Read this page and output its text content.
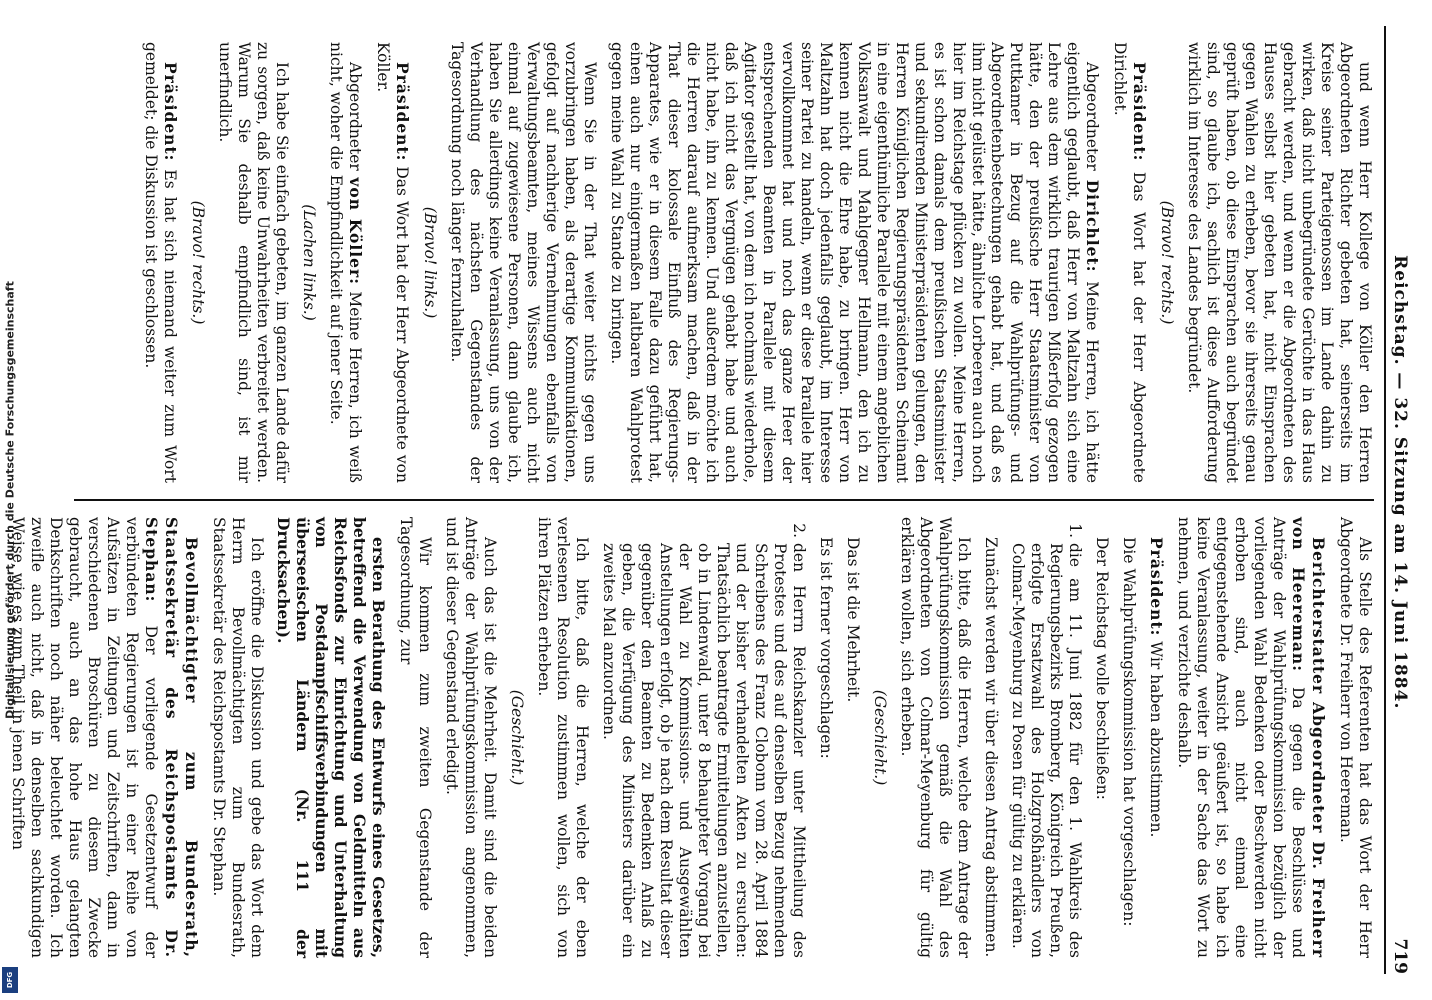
Digitalisierung gefördert durch die Deutsche Forschungsgemeinschaft
DFG
Reichstag. — 32. Sitzung am 14. Juni 1884.
719

und wenn Herr Kollege von Köller den Herren Abgeordneten Richter gebeten hat, seinerseits im Kreise seiner Parteigenossen im Lande dahin zu wirken, daß nicht unbegründete Gerüchte in das Haus gebracht werden, und wenn er die Abgeordneten des Hauses selbst hier gebeten hat, nicht Einsprachen gegen Wahlen zu erheben, bevor sie ihrerseits genau geprüft haben, ob diese Einsprachen auch begründet sind, so glaube ich, sachlich ist diese Aufforderung wirklich im Interesse des Landes begründet.

(Bravo! rechts.)

Präsident: Das Wort hat der Herr Abgeordnete Dirichlet.

Abgeordneter Dirichlet: Meine Herren, ich hätte eigentlich geglaubt, daß Herr von Maltzahn sich eine Lehre aus dem wirklich traurigen Mißerfolg gezogen hätte, den der preußische Herr Staatsminister von Puttkamer in Bezug auf die Wahlprüfungs- und Abgeordnetenbestechungen gehabt hat, und daß es ihm nicht gelüstet hätte, ähnliche Lorbeeren auch noch hier im Reichstage pflücken zu wollen. Meine Herren, es ist schon damals dem preußischen Staatsminister und sekundirenden Ministerpräsidenten gelungen, den Herren Königlichen Regierungspräsidenten Scheinamt in eine eigenthümliche Parallele mit einem angeblichen Volksanwalt und Mahlgegner Hellmann, den ich zu kennen nicht die Ehre habe, zu bringen. Herr von Maltzahn hat doch jedenfalls geglaubt, im Interesse seiner Partei zu handeln, wenn er diese Parallele hier vervollkommnet hat und noch das ganze Heer der entsprechenden Beamten in Parallele mit diesem Agitator gestellt hat, von dem ich nochmals wiederhole, daß ich nicht das Vergnügen gehabt habe und auch nicht habe, ihn zu kennen. Und außerdem möchte ich die Herren darauf aufmerksam machen, daß in der That dieser kolossale Einfluß des Regierungs-Apparates, wie er in diesem Falle dazu geführt hat, einen auch nur einigermaßen haltbaren Wahlprotest gegen meine Wahl zu Stande zu bringen.

Wenn Sie in der That weiter nichts gegen uns vorzubringen haben, als derartige Kommunikationen, gefolgt auf nachherige Vernehmungen ebenfalls von Verwaltungsbeamten, meines Wissens auch nicht einmal auf zugewiesene Personen, dann glaube ich, haben Sie allerdings keine Veranlassung, uns von der Verhandlung des nächsten Gegenstandes der Tagesordnung noch länger fernzuhalten.

(Bravo! links.)

Präsident: Das Wort hat der Herr Abgeordnete von Köller.

Abgeordneter von Köller: Meine Herren, ich weiß nicht, woher die Empfindlichkeit auf jener Seite.

(Lachen links.)

Ich habe Sie einfach gebeten, im ganzen Lande dafür zu sorgen, daß keine Unwahrheiten verbreitet werden. Warum Sie deshalb empfindlich sind, ist mir unerfindlich.

(Bravo! rechts.)

Präsident: Es hat sich niemand weiter zum Wort gemeldet; die Diskussion ist geschlossen.

Als Stelle des Referenten hat das Wort der Herr Abgeordnete Dr. Freiherr von Heereman.

Berichterstatter Abgeordneter Dr. Freiherr von Heereman: Da gegen die Beschlüsse und Anträge der Wahlprüfungskommission bezüglich der vorliegenden Wahl Bedenken oder Beschwerden nicht erhoben sind, auch nicht einmal eine entgegenstehende Ansicht geäußert ist, so habe ich keine Veranlassung, weiter in der Sache das Wort zu nehmen, und verzichte deshalb.

Präsident: Wir haben abzustimmen.

Die Wahlprüfungskommission hat vorgeschlagen:

Der Reichstag wolle beschließen:

1. die am 11. Juni 1882 für den 1. Wahlkreis des Regierungsbezirks Bromberg, Königreich Preußen, erfolgte Ersatzwahl des Holzgroßhändlers von Colmar-Meyenburg zu Posen für gültig zu erklären.

Zunächst werden wir über diesen Antrag abstimmen.

Ich bitte, daß die Herren, welche dem Antrage der Wahlprüfungskommission gemäß die Wahl des Abgeordneten von Colmar-Meyenburg für gültig erklären wollen, sich erheben.

(Geschieht.)

Das ist die Mehrheit.

Es ist ferner vorgeschlagen:

2. den Herrn Reichskanzler unter Mittheilung des Protestes und des auf denselben Bezug nehmenden Schreibens des Franz Clobonn vom 28. April 1884 und der bisher verhandelten Akten zu ersuchen: Thatsächlich beantragte Ermittelungen anzustellen, ob in Lindenwald, unter 8 behaupteter Vorgang bei der Wahl zu Kommissions- und Ausgewählten Anstellungen erfolgt, ob je nach dem Resultat dieser gegenüber den Beamten zu Bedenken Anlaß zu geben, die Verfügung des Ministers darüber ein zweites Mal anzuordnen.

Ich bitte, daß die Herren, welche der eben verlesenen Resolution zustimmen wollen, sich von ihren Plätzen erheben.

(Geschieht.)

Auch das ist die Mehrheit. Damit sind die beiden Anträge der Wahlprüfungskommission angenommen, und ist dieser Gegenstand erledigt.

Wir kommen zum zweiten Gegenstande der Tagesordnung, zur

ersten Berathung des Entwurfs eines Gesetzes, betreffend die Verwendung von Geldmitteln aus Reichsfonds zur Einrichtung und Unterhaltung von Postdampfschiffsverbindungen mit überseeischen Ländern (Nr. 111 der Drucksachen).

Ich eröffne die Diskussion und gebe das Wort dem Herrn Bevollmächtigten zum Bundesrath, Staatssekretär des Reichspostamts Dr. Stephan.

Bevollmächtigter zum Bundesrath, Staatssekretär des Reichspostamts Dr. Stephan: Der vorliegende Gesetzentwurf der verbündeten Regierungen ist in einer Reihe von Aufsätzen in Zeitungen und Zeitschriften, dann in verschiedenen Broschüren zu diesem Zwecke gebraucht, auch an das hohe Haus gelangten Denkschriften noch näher beleuchtet worden. Ich zweifle auch nicht, daß in denselben sachkundigen Weise, wie es zum Theil in jenen Schriften
